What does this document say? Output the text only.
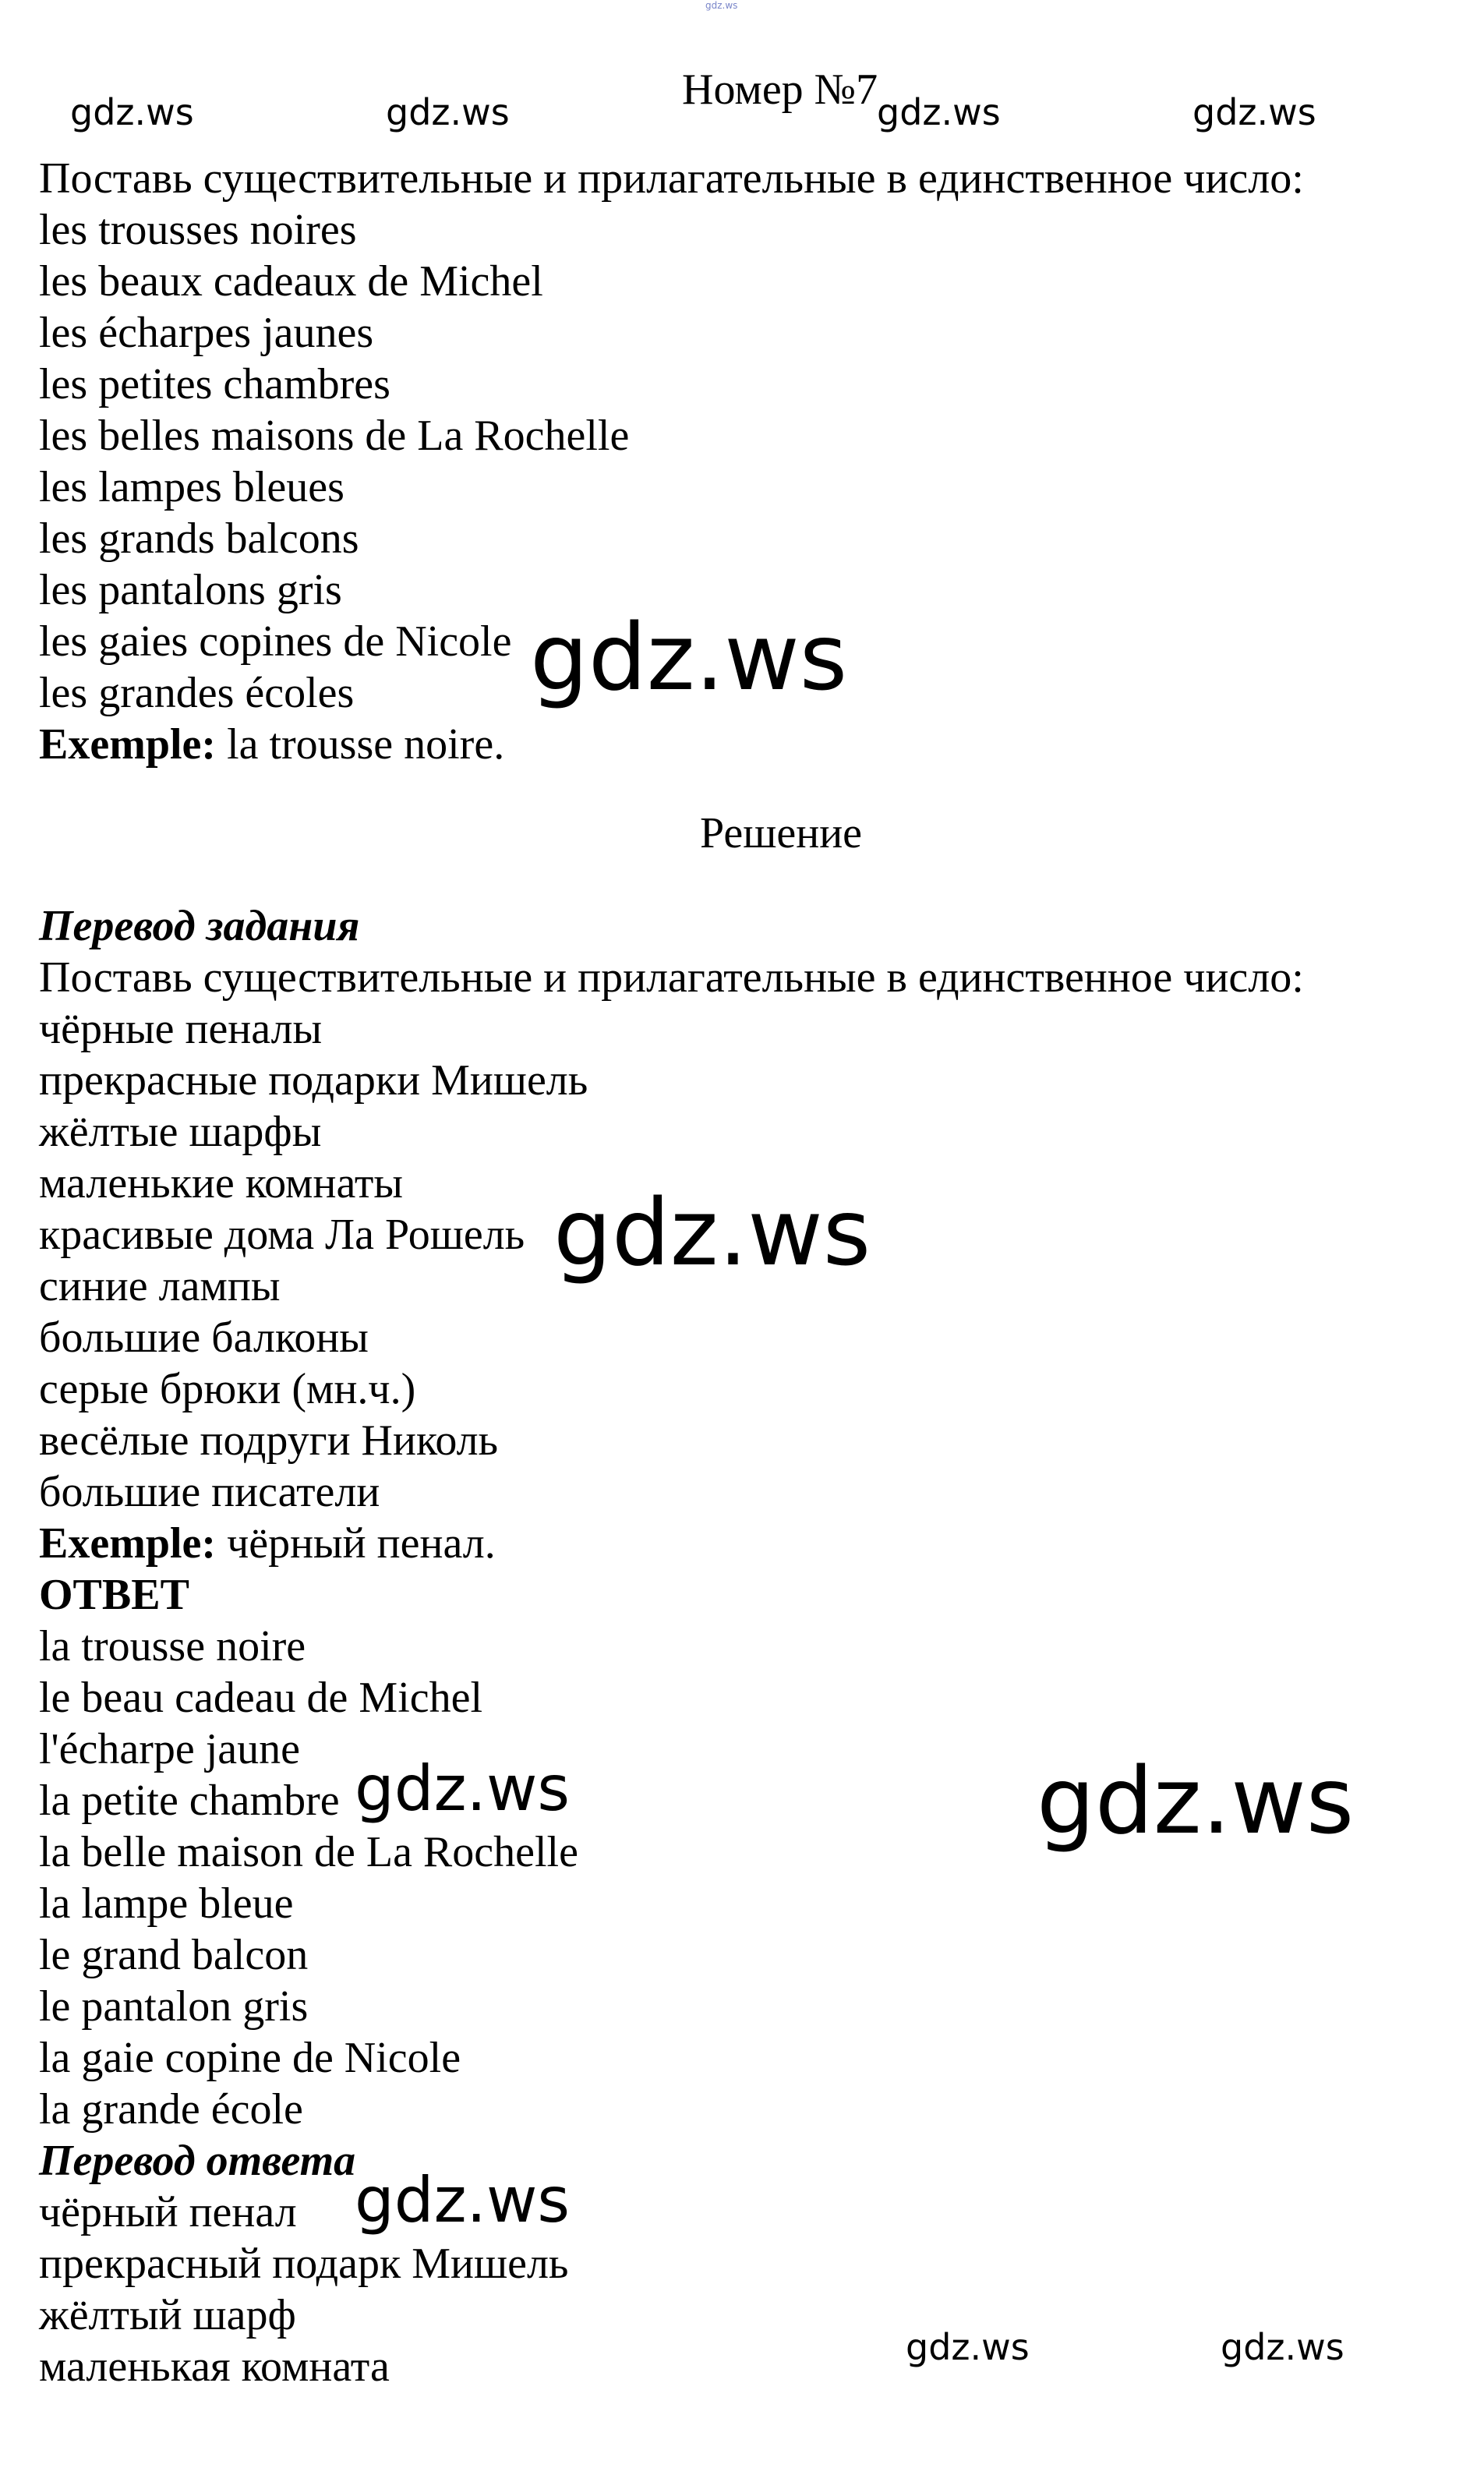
gdz.ws
gdz.ws	gdz.ws	gdz.ws	gdz.ws
Номер №7
Поставь существительные и прилагательные в единственное число:
les trousses noires
les beaux cadeaux de Michel
les écharpes jaunes
les petites chambres
les belles maisons de La Rochelle
les lampes bleues
les grands balcons
les pantalons gris
les gaies copines de Nicole
les grandes écoles
Exemple: la trousse noire.
gdz.ws
Решение
Перевод задания
Поставь существительные и прилагательные в единственное число:
чёрные пеналы
прекрасные подарки Мишель
жёлтые шарфы
маленькие комнаты
красивые дома Ла Рошель
синие лампы
большие балконы
серые брюки (мн.ч.)
весёлые подруги Николь
большие писатели
Exemple: чёрный пенал.
gdz.ws
ОТВЕТ
la trousse noire
le beau cadeau de Michel
l'écharpe jaune
la petite chambre
la belle maison de La Rochelle
la lampe bleue
le grand balcon
le pantalon gris
la gaie copine de Nicole
la grande école
gdz.ws	gdz.ws
Перевод ответа
чёрный пенал
прекрасный подарк Мишель
жёлтый шарф
маленькая комната
gdz.ws
gdz.ws	gdz.ws
